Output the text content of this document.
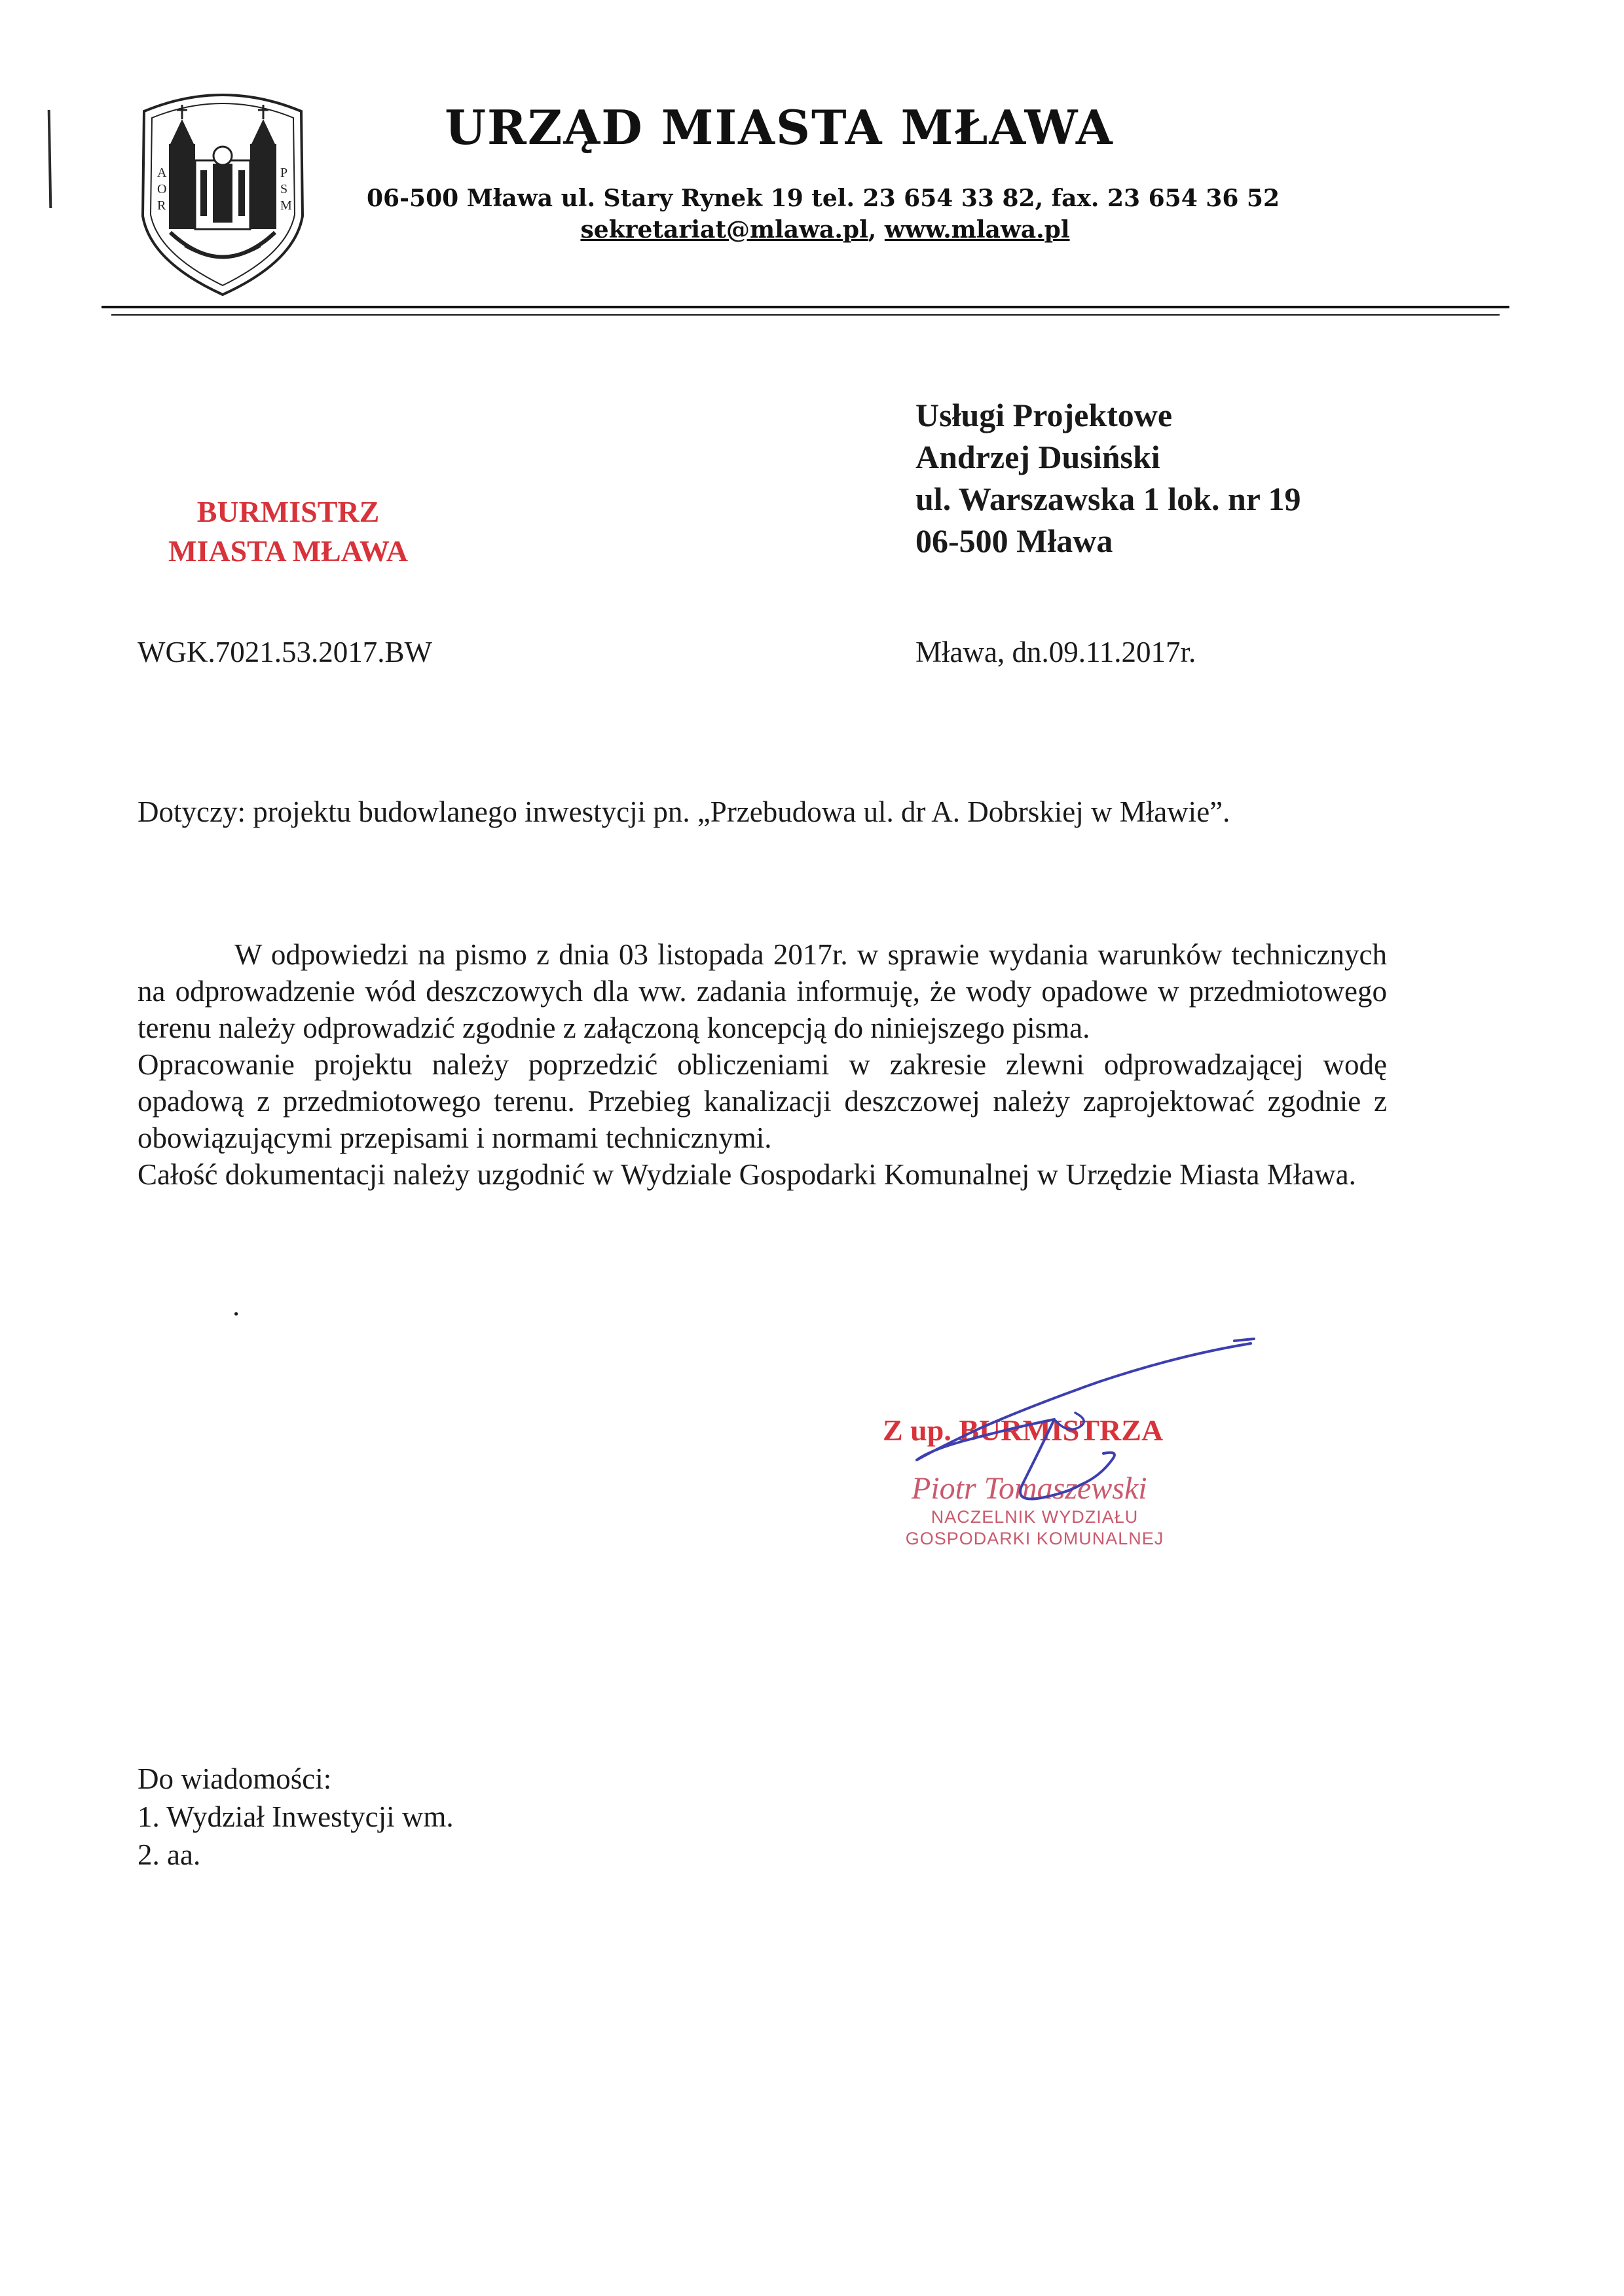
A
O
R
P
S
M
URZĄD MIASTA MŁAWA
06-500 Mława ul. Stary Rynek 19 tel. 23 654 33 82, fax. 23 654 36 52
sekretariat@mlawa.pl, www.mlawa.pl
BURMISTRZ
MIASTA MŁAWA
Usługi Projektowe
Andrzej Dusiński
ul. Warszawska 1 lok. nr 19
06-500 Mława
WGK.7021.53.2017.BW	Mława, dn.09.11.2017r.
Dotyczy: projektu budowlanego inwestycji pn. „Przebudowa ul. dr A. Dobrskiej w Mławie”.

W odpowiedzi na pismo z dnia 03 listopada 2017r. w sprawie wydania warunków technicznych na odprowadzenie wód deszczowych dla ww. zadania informuję, że wody opadowe w przedmiotowego terenu należy odprowadzić zgodnie z załączoną koncepcją do niniejszego pisma.

Opracowanie projektu należy poprzedzić obliczeniami w zakresie zlewni odprowadzającej wodę opadową z przedmiotowego terenu. Przebieg kanalizacji deszczowej należy zaprojektować zgodnie z obowiązującymi przepisami i normami technicznymi.

Całość dokumentacji należy uzgodnić w Wydziale Gospodarki Komunalnej w Urzędzie Miasta Mława.

.
Z up. BURMISTRZA
Piotr Tomaszewski
NACZELNIK WYDZIAŁU
GOSPODARKI KOMUNALNEJ
Do wiadomości:
1. Wydział Inwestycji wm.
2. aa.
